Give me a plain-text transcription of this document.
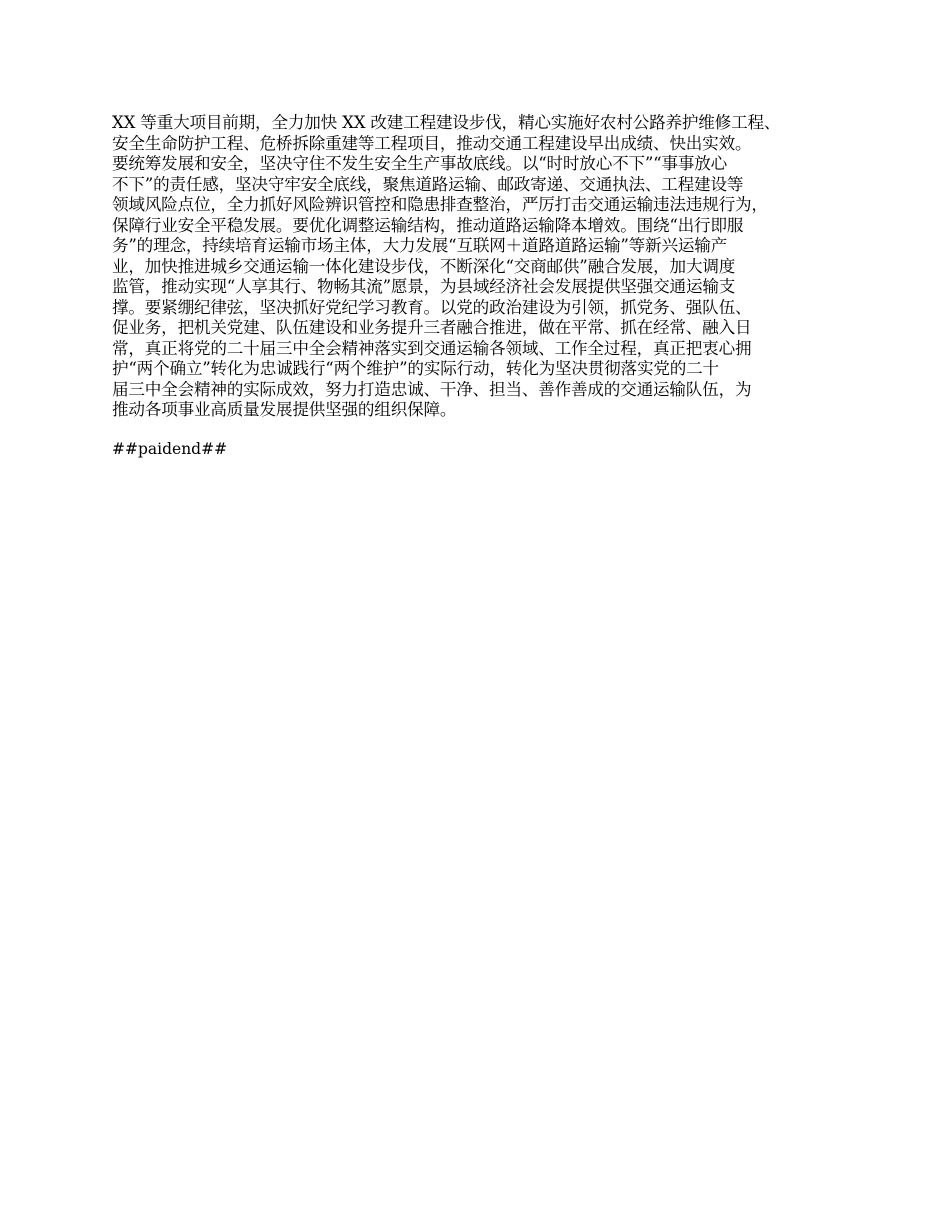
XX 等重大项目前期，全力加快 XX 改建工程建设步伐，精心实施好农村公路养护维修工程、
安全生命防护工程、危桥拆除重建等工程项目，推动交通工程建设早出成绩、快出实效。
要统筹发展和安全，坚决守住不发生安全生产事故底线。以“时时放心不下”“事事放心
不下”的责任感，坚决守牢安全底线，聚焦道路运输、邮政寄递、交通执法、工程建设等
领域风险点位，全力抓好风险辨识管控和隐患排查整治，严厉打击交通运输违法违规行为，
保障行业安全平稳发展。要优化调整运输结构，推动道路运输降本增效。围绕“出行即服
务”的理念，持续培育运输市场主体，大力发展“互联网＋道路道路运输”等新兴运输产
业，加快推进城乡交通运输一体化建设步伐，不断深化“交商邮供”融合发展，加大调度
监管，推动实现“人享其行、物畅其流”愿景，为县域经济社会发展提供坚强交通运输支
撑。要紧绷纪律弦，坚决抓好党纪学习教育。以党的政治建设为引领，抓党务、强队伍、
促业务，把机关党建、队伍建设和业务提升三者融合推进，做在平常、抓在经常、融入日
常，真正将党的二十届三中全会精神落实到交通运输各领域、工作全过程，真正把衷心拥
护“两个确立”转化为忠诚践行“两个维护”的实际行动，转化为坚决贯彻落实党的二十
届三中全会精神的实际成效，努力打造忠诚、干净、担当、善作善成的交通运输队伍，为
推动各项事业高质量发展提供坚强的组织保障。
##paidend##
